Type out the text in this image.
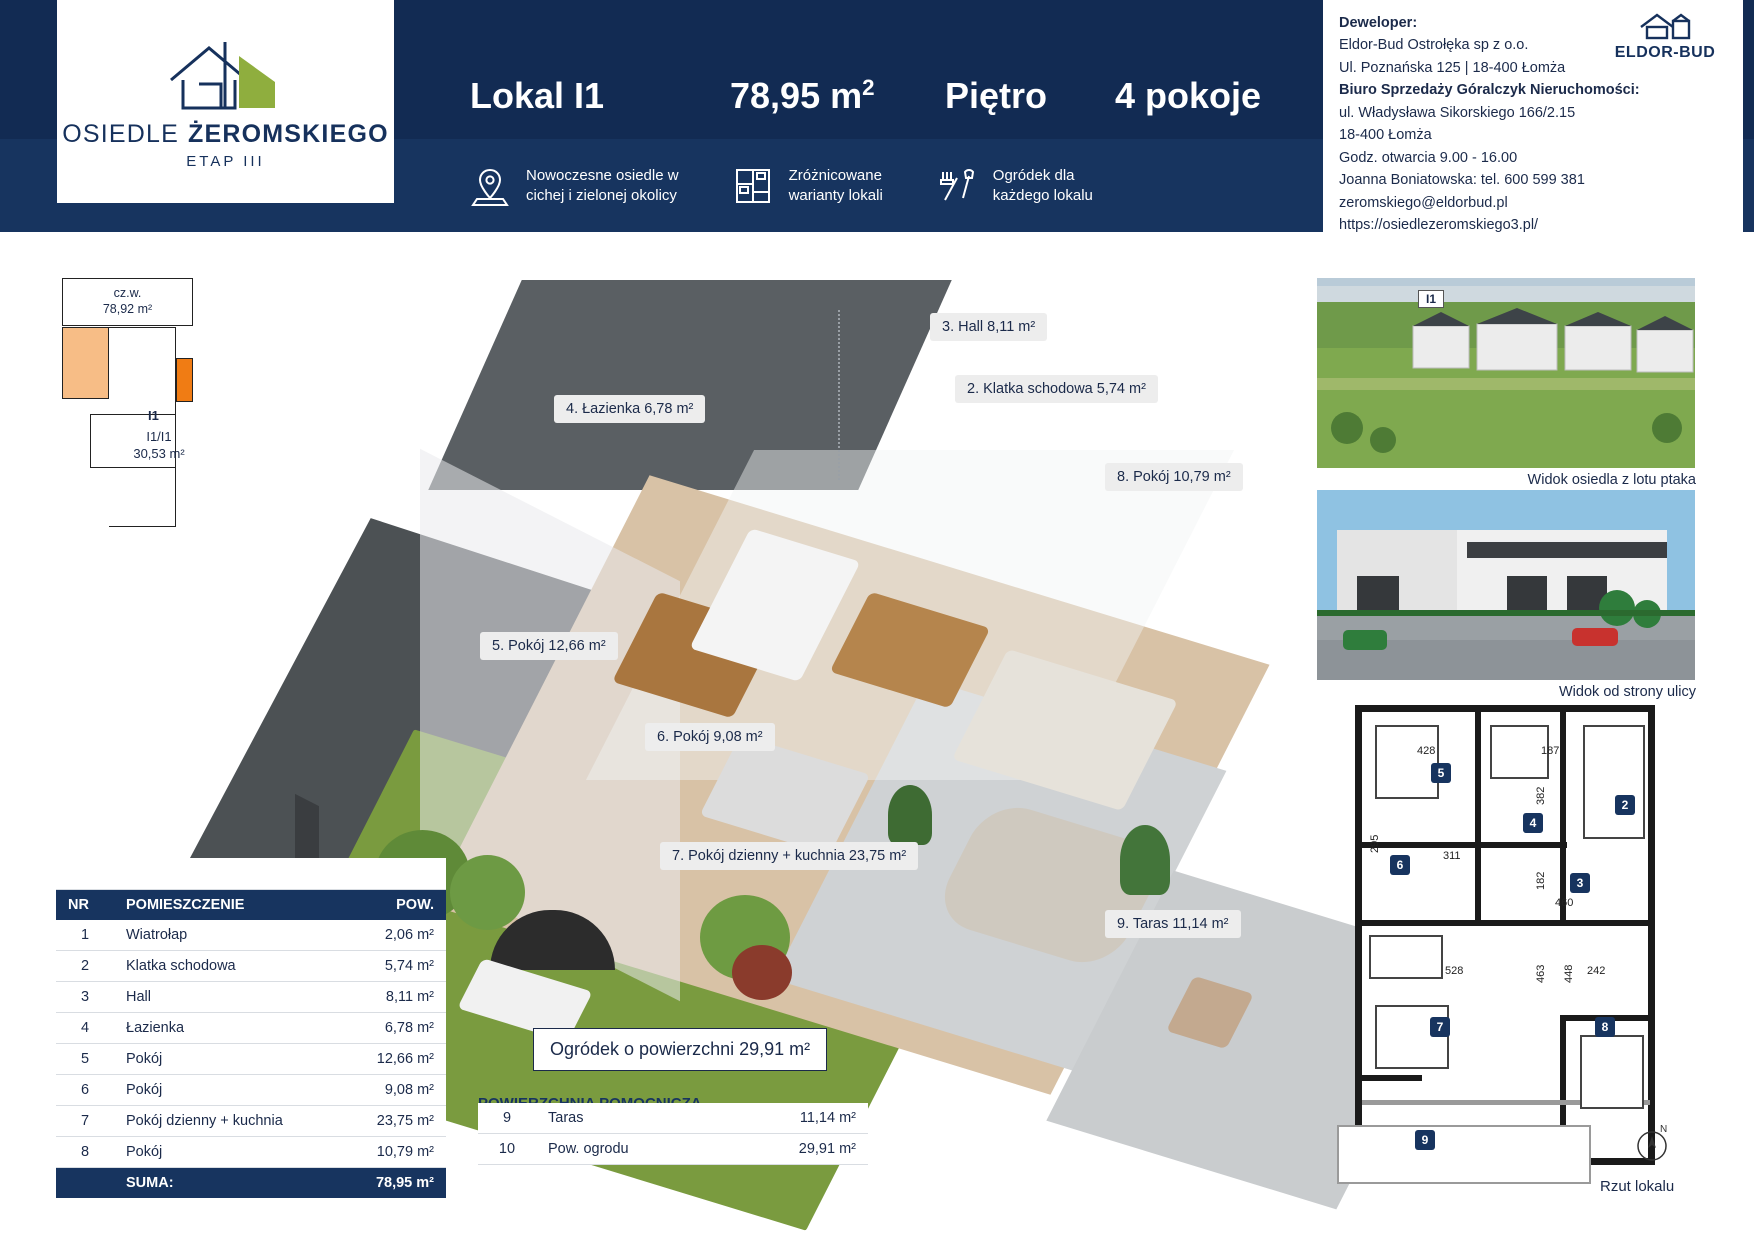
OSIEDLE ŻEROMSKIEGO
ETAP III
Lokal I1	78,95 $m^2$	Piętro	4 pokoje
Nowoczesne osiedle w
cichej i zielonej okolicy
Zróżnicowane
warianty lokali
Ogródek dla
każdego lokalu
ELDOR-BUD
Deweloper:
Eldor-Bud Ostrołęka sp z o.o.
Ul. Poznańska 125 | 18-400 Łomża
Biuro Sprzedaży Góralczyk Nieruchomości:
ul. Władysława Sikorskiego 166/2.15
18-400 Łomża
Godz. otwarcia 9.00 - 16.00
Joanna Boniatowska: tel. 600 599 381
zeromskiego@eldorbud.pl
https://osiedlezeromskiego3.pl/
cz.w.
78,92 m²
I1
I1/I1
30,53 m²
3. Hall 8,11 m²
2. Klatka schodowa 5,74 m²
4. Łazienka 6,78 m²
8. Pokój 10,79 m²
5. Pokój 12,66 m²
6. Pokój 9,08 m²
7. Pokój dzienny + kuchnia 23,75 m²
9. Taras 11,14 m²
Ogródek o powierzchni 29,91 m²
POWIERZCHNIA UŻYTKOWA		
NR	POMIESZCZENIE	POW.
1	Wiatrołap	2,06 m²
2	Klatka schodowa	5,74 m²
3	Hall	8,11 m²
4	Łazienka	6,78 m²
5	Pokój	12,66 m²
6	Pokój	9,08 m²
7	Pokój dzienny + kuchnia	23,75 m²
8	Pokój	10,79 m²
	SUMA:	78,95 m²
9	Taras	11,14 m²
10	Pow. ogrodu	29,91 m²
I1
Widok osiedla z lotu ptaka
Widok od strony ulicy
5
2
4
6
3
7	8
9
428	187
382
295
311
182
460
528	463 448 242
N
Rzut lokalu
